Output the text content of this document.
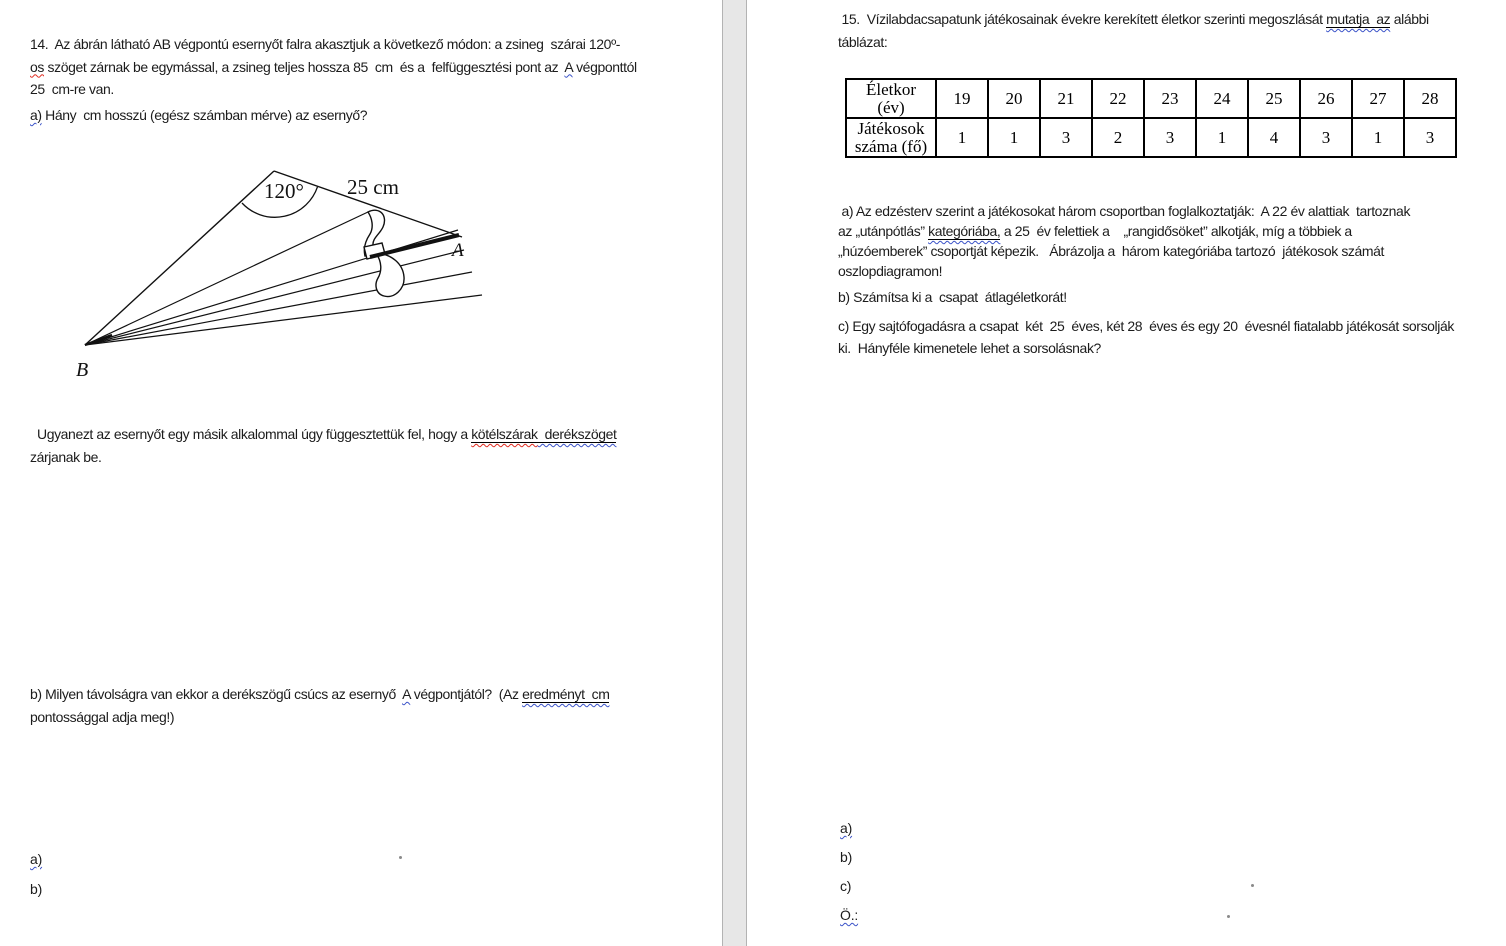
14.  Az ábrán látható AB végpontú esernyőt falra akasztjuk a következő módon: a zsineg  szárai 120º-
os szöget zárnak be egymással, a zsineg teljes hossza 85  cm  és a  felfüggesztési pont az  A végponttól
25  cm-re van.
a) Hány  cm hosszú (egész számban mérve) az esernyő?
120° 25 cm
A
B
Ugyanezt az esernyőt egy másik alkalommal úgy függesztettük fel, hogy a kötélszárak  derékszöget
zárjanak be.
b) Milyen távolságra van ekkor a derékszögű csúcs az esernyő  A végpontjától?  (Az eredményt  cm
pontossággal adja meg!)
a)
b)
15.  Vízilabdacsapatunk játékosainak évekre kerekített életkor szerinti megoszlását mutatja  az alábbi
táblázat:
Életkor
(év)	19	20	21	22	23	24	25	26	27	28

Játékosok
száma (fő)	1	1	3	2	3	1	4	3	1	3
a) Az edzésterv szerint a játékosokat három csoportban foglalkoztatják:  A 22 év alattiak  tartoznak
az „utánpótlás” kategóriába, a 25  év felettiek a    „rangidősöket” alkotják, míg a többiek a
„húzóemberek” csoportját képezik.   Ábrázolja a  három kategóriába tartozó  játékosok számát
oszlopdiagramon!
b) Számítsa ki a  csapat  átlagéletkorát!
c) Egy sajtófogadásra a csapat  két  25  éves, két 28  éves és egy 20  évesnél fiatalabb játékosát sorsolják
ki.  Hányféle kimenetele lehet a sorsolásnak?
a)
b)
c)
Ö.:
